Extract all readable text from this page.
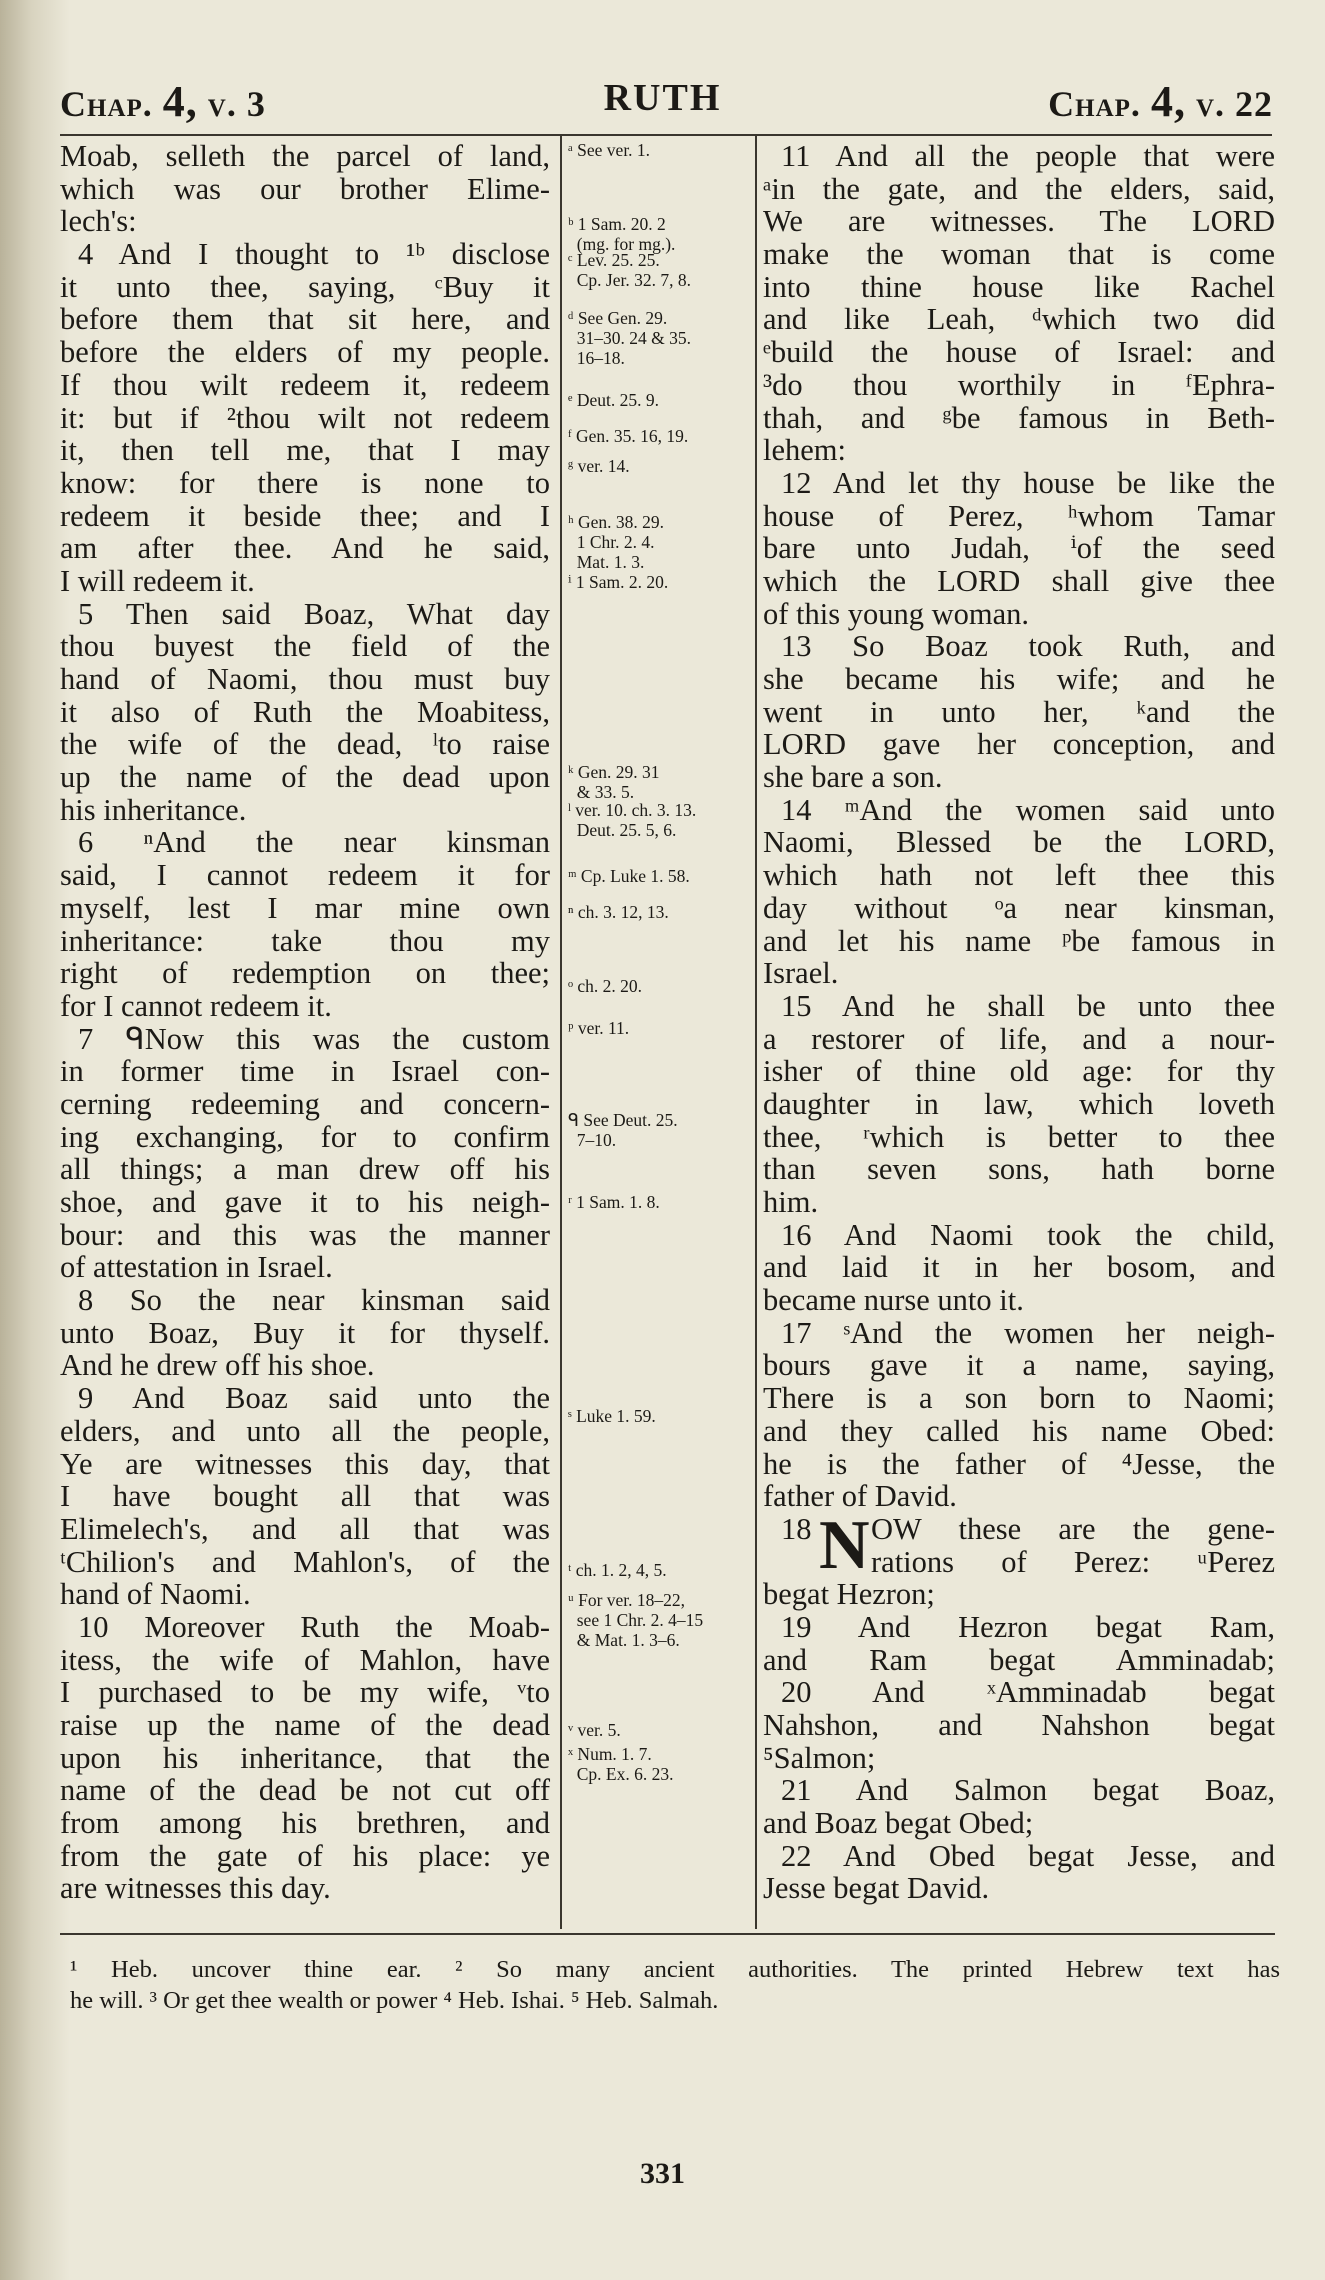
Chap. 4, v. 3	RUTH	Chap. 4, v. 22
Moab, selleth the parcel of land,
which was our brother Elime-
lech's:
4 And I thought to ¹ᵇ disclose
it unto thee, saying, ᶜBuy it
before them that sit here, and
before the elders of my people.
If thou wilt redeem it, redeem
it: but if ²thou wilt not redeem
it, then tell me, that I may
know: for there is none to
redeem it beside thee; and I
am after thee. And he said,
I will redeem it.
5 Then said Boaz, What day
thou buyest the field of the
hand of Naomi, thou must buy
it also of Ruth the Moabitess,
the wife of the dead, ˡto raise
up the name of the dead upon
his inheritance.
6 ⁿAnd the near kinsman
said, I cannot redeem it for
myself, lest I mar mine own
inheritance: take thou my
right of redemption on thee;
for I cannot redeem it.
7 ᑫNow this was the custom
in former time in Israel con-
cerning redeeming and concern-
ing exchanging, for to confirm
all things; a man drew off his
shoe, and gave it to his neigh-
bour: and this was the manner
of attestation in Israel.
8 So the near kinsman said
unto Boaz, Buy it for thyself.
And he drew off his shoe.
9 And Boaz said unto the
elders, and unto all the people,
Ye are witnesses this day, that
I have bought all that was
Elimelech's, and all that was
ᵗChilion's and Mahlon's, of the
hand of Naomi.
10 Moreover Ruth the Moab-
itess, the wife of Mahlon, have
I purchased to be my wife, ᵛto
raise up the name of the dead
upon his inheritance, that the
name of the dead be not cut off
from among his brethren, and
from the gate of his place: ye
are witnesses this day.
ᵃ See ver. 1.
ᵇ 1 Sam. 20. 2
(mg. for mg.).
ᶜ Lev. 25. 25.
Cp. Jer. 32. 7, 8.
ᵈ See Gen. 29.
31–30. 24 & 35.
16–18.
ᵉ Deut. 25. 9.
ᶠ Gen. 35. 16, 19.
ᵍ ver. 14.
ʰ Gen. 38. 29.
1 Chr. 2. 4.
Mat. 1. 3.
ⁱ 1 Sam. 2. 20.
ᵏ Gen. 29. 31
& 33. 5.
ˡ ver. 10. ch. 3. 13.
Deut. 25. 5, 6.
ᵐ Cp. Luke 1. 58.
ⁿ ch. 3. 12, 13.
ᵒ ch. 2. 20.
ᵖ ver. 11.
ᑫ See Deut. 25.
7–10.
ʳ 1 Sam. 1. 8.
ˢ Luke 1. 59.
ᵗ ch. 1. 2, 4, 5.
ᵘ For ver. 18–22,
see 1 Chr. 2. 4–15
& Mat. 1. 3–6.
ᵛ ver. 5.
ˣ Num. 1. 7.
Cp. Ex. 6. 23.
11 And all the people that were
ᵃin the gate, and the elders, said,
We are witnesses. The LORD
make the woman that is come
into thine house like Rachel
and like Leah, ᵈwhich two did
ᵉbuild the house of Israel: and
³do thou worthily in ᶠEphra-
thah, and ᵍbe famous in Beth-
lehem:
12 And let thy house be like the
house of Perez, ʰwhom Tamar
bare unto Judah, ⁱof the seed
which the LORD shall give thee
of this young woman.
13 So Boaz took Ruth, and
she became his wife; and he
went in unto her, ᵏand the
LORD gave her conception, and
she bare a son.
14 ᵐAnd the women said unto
Naomi, Blessed be the LORD,
which hath not left thee this
day without ᵒa near kinsman,
and let his name ᵖbe famous in
Israel.
15 And he shall be unto thee
a restorer of life, and a nour-
isher of thine old age: for thy
daughter in law, which loveth
thee, ʳwhich is better to thee
than seven sons, hath borne
him.
16 And Naomi took the child,
and laid it in her bosom, and
became nurse unto it.
17 ˢAnd the women her neigh-
bours gave it a name, saying,
There is a son born to Naomi;
and they called his name Obed:
he is the father of ⁴Jesse, the
father of David.
18 N OW these are the gene-
rations of Perez: ᵘPerez
begat Hezron;
19 And Hezron begat Ram,
and Ram begat Amminadab;
20 And ˣAmminadab begat
Nahshon, and Nahshon begat
⁵Salmon;
21 And Salmon begat Boaz,
and Boaz begat Obed;
22 And Obed begat Jesse, and
Jesse begat David.
¹ Heb. uncover thine ear. ² So many ancient authorities. The printed Hebrew text has
he will. ³ Or get thee wealth or power ⁴ Heb. Ishai. ⁵ Heb. Salmah.
331
